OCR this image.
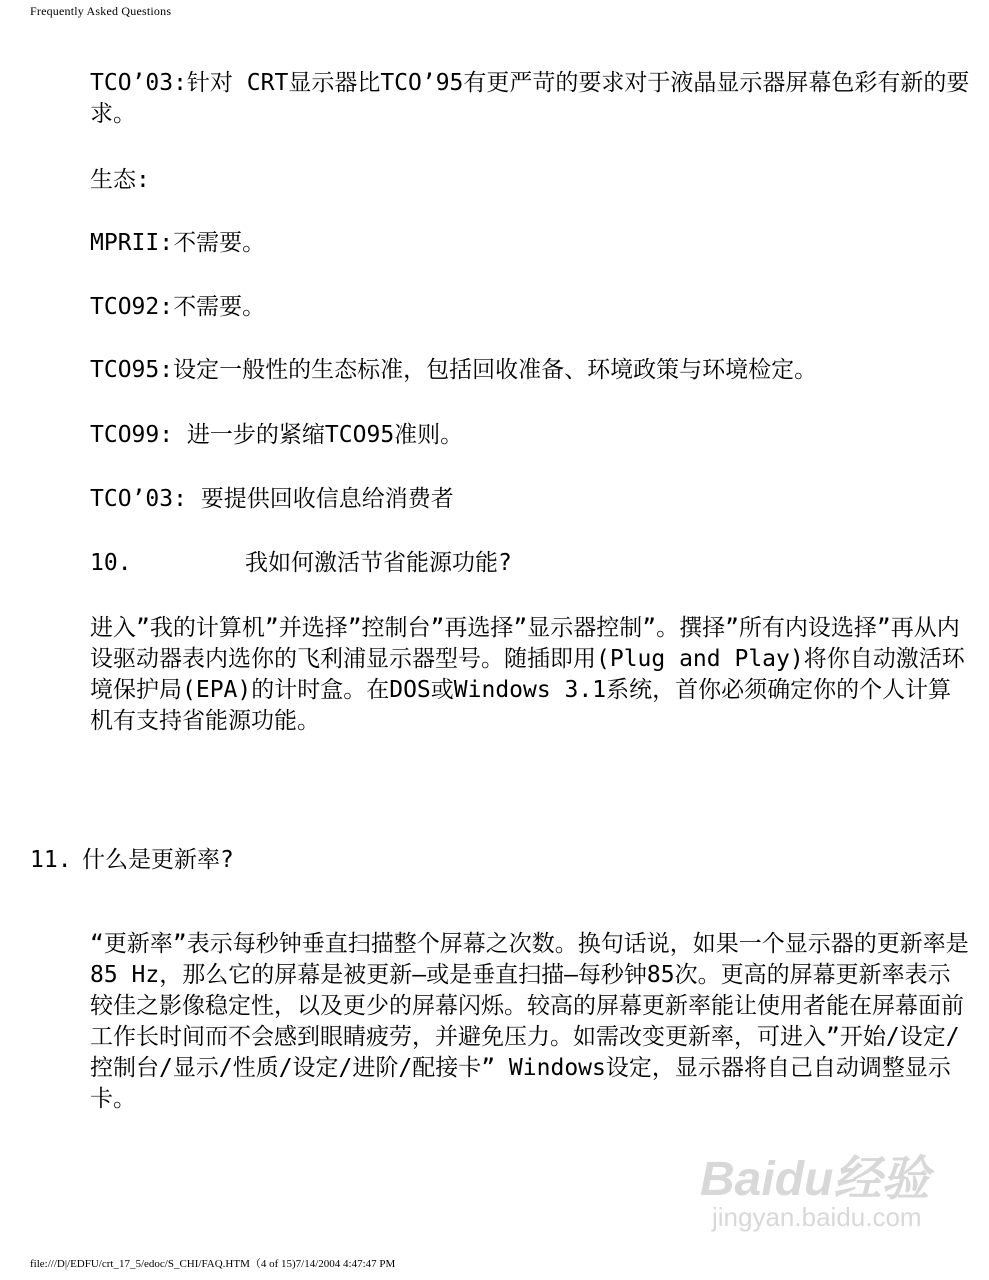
Frequently Asked Questions

TCO’03:针对 CRT显示器比TCO’95有更严苛的要求对于液晶显示器屏幕色彩有新的要求。

生态:

MPRII:不需要。

TCO92:不需要。

TCO95:设定一般性的生态标准，包括回收准备、环境政策与环境检定。

TCO99: 进一步的紧缩TCO95准则。

TCO’03: 要提供回收信息给消费者

10.	我如何激活节省能源功能?

进入”我的计算机”并选择”控制台”再选择”显示器控制”。撰择”所有内设选择”再从内设驱动器表内选你的飞利浦显示器型号。随插即用(Plug and Play)将你自动激活环境保护局(EPA)的计时盒。在DOS或Windows 3.1系统，首你必须确定你的个人计算机有支持省能源功能。

11. 什么是更新率?

“更新率”表示每秒钟垂直扫描整个屏幕之次数。换句话说，如果一个显示器的更新率是85 Hz，那么它的屏幕是被更新—或是垂直扫描—每秒钟85次。更高的屏幕更新率表示较佳之影像稳定性，以及更少的屏幕闪烁。较高的屏幕更新率能让使用者能在屏幕面前工作长时间而不会感到眼睛疲劳，并避免压力。如需改变更新率，可进入”开始/设定/控制台/显示/性质/设定/进阶/配接卡” Windows设定，显示器将自己自动调整显示卡。

Baidu经验
jingyan.baidu.com
file:///D|/EDFU/crt_17_5/edoc/S_CHI/FAQ.HTM（4 of 15)7/14/2004 4:47:47 PM
